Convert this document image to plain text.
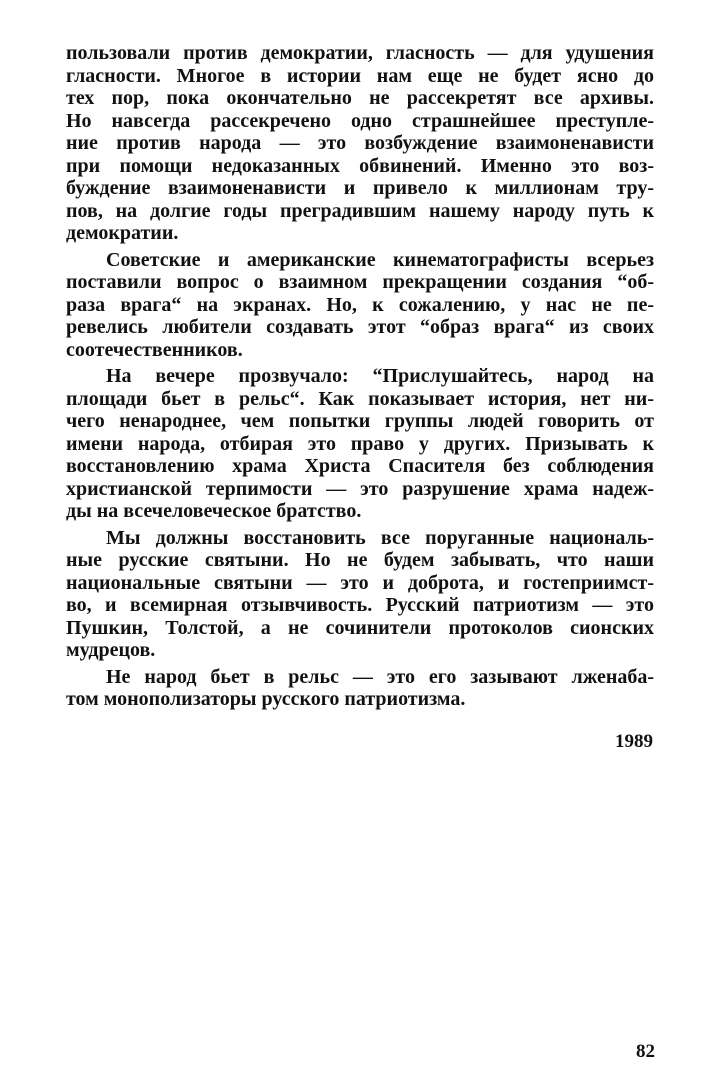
пользовали против демократии, гласность — для удушения
гласности. Многое в истории нам еще не будет ясно до
тех пор, пока окончательно не рассекретят все архивы.
Но навсегда рассекречено одно страшнейшее преступле-
ние против народа — это возбуждение взаимоненависти
при помощи недоказанных обвинений. Именно это воз-
буждение взаимоненависти и привело к миллионам тру-
пов, на долгие годы преградившим нашему народу путь к
демократии.
Советские и американские кинематографисты всерьез
поставили вопрос о взаимном прекращении создания “об-
раза врага“ на экранах. Но, к сожалению, у нас не пе-
ревелись любители создавать этот “образ врага“ из своих
соотечественников.
На вечере прозвучало: “Прислушайтесь, народ на
площади бьет в рельс“. Как показывает история, нет ни-
чего ненароднее, чем попытки группы людей говорить от
имени народа, отбирая это право у других. Призывать к
восстановлению храма Христа Спасителя без соблюдения
христианской терпимости — это разрушение храма надеж-
ды на всечеловеческое братство.
Мы должны восстановить все поруганные националь-
ные русские святыни. Но не будем забывать, что наши
национальные святыни — это и доброта, и гостеприимст-
во, и всемирная отзывчивость. Русский патриотизм — это
Пушкин, Толстой, а не сочинители протоколов сионских
мудрецов.
Не народ бьет в рельс — это его зазывают лженаба-
том монополизаторы русского патриотизма.
1989
82
